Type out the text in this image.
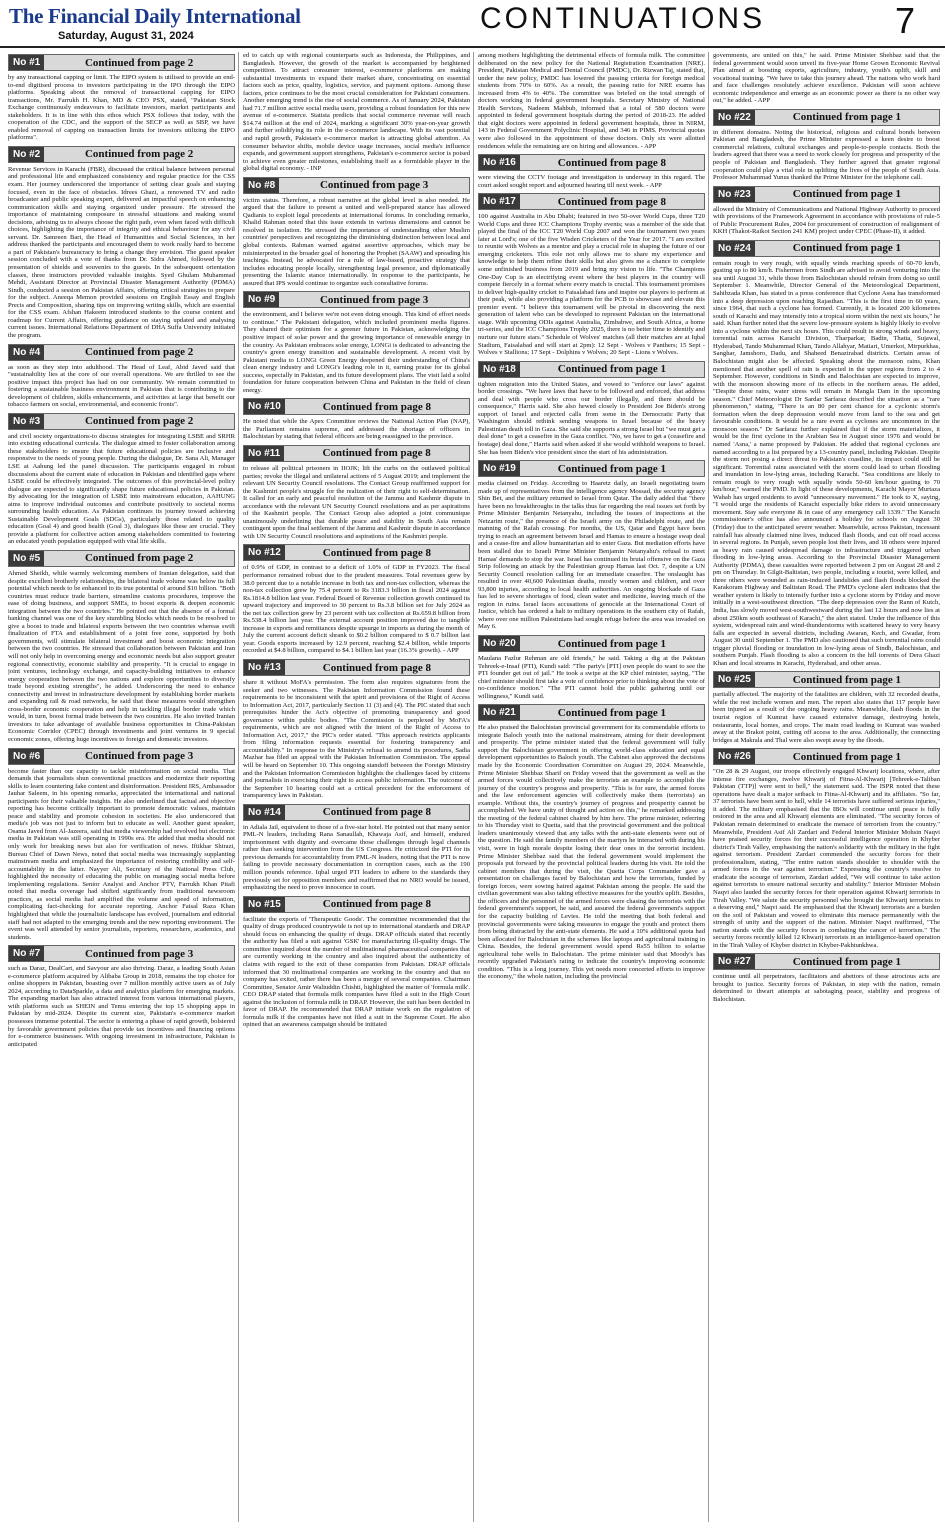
The Financial Daily International
Saturday, August 31, 2024
CONTINUATIONS	7
No #1	Continued from page 2
by any transactional capping or limit. The EIPO system is utilised to provide an end-to-end digitised process to investors participating in the IPO through the EIPO platforms. Speaking about the removal of transactional capping for EIPO transactions, Mr. Farrukh H. Khan, MD & CEO PSX, stated, "Pakistan Stock Exchange continuously endeavours to facilitate investors, market participants and stakeholders. It is in line with this ethos which PSX follows that today, with the cooperation of the CDC, and the support of the SECP as well as SBP, we have enabled removal of capping on transaction limits for investors utilizing the EIPO platforms".
No #2	Continued from page 2
Revenue Services in Karachi (FBR), discussed the critical balance between personal and professional life and emphasized consistency and regular practice for the CSS exam. Her journey underscored the importance of setting clear goals and staying focused, even in the face of obstacles. Idrees Ghazi, a renowned TV and radio broadcaster and public speaking expert, delivered an impactful speech on enhancing communication skills and staying organized under pressure. He stressed the importance of maintaining composure in stressful situations and making sound decisions, advising us to always choose the right path, even when faced with difficult choices, highlighting the importance of integrity and ethical behaviour for any civil servant. Dr. Samreen Bari, the Head of Humanities and Social Sciences, in her address thanked the participants and encouraged them to work really hard to become a part of Pakistan's bureaucracy to bring a change they envision. The guest speaker session concluded with a vote of thanks from Dr. Sidra Ahmed, followed by the presentation of shields and souvenirs to the guests. In the subsequent orientation classes, three instructors provided valuable insights. Syed Ghulam Muhammad Mehdi, Assistant Director at Provincial Disaster Management Authority (PDMA) Sindh, conducted a session on Pakistan Affairs, offering critical strategies to prepare for the subject. Aneeqa Memon provided sessions on English Essay and English Precis and Composition, sharing tips on improving writing skills, which are essential for the CSS exam. Afshan Hakeem introduced students to the course content and roadmap for Current Affairs, offering guidance on staying updated and analysing current issues. International Relations Department of DHA Suffa University initiated the program.
No #4	Continued from page 2
as soon as they step into adulthood. The Head of Leaf, Abid Javed said that "sustainability lies at the core of our overall operations. We are thrilled to see the positive impact this project has had on our community. We remain committed to fostering a sustainable business environment in Pakistan that is contributing to the development of children, skills enhancements, and activities at large that benefit our tobacco farmers on social, environmental, and economic fronts".
No #3	Continued from page 2
and civil society organizations-to discuss strategies for integrating LSBE and SRHR into existing educational curricula. The dialogue aimed to foster collaboration among these stakeholders to ensure that future educational policies are inclusive and responsive to the needs of young people. During the dialogue, Dr. Sana Ali, Manager LSE at Aahung led the panel discussion. The participants engaged in robust discussions about the current state of education in Pakistan and identified gaps where LSBE could be effectively integrated. The outcomes of this provincial-level policy dialogue are expected to significantly shape future educational policies in Pakistan. By advocating for the integration of LSBE into mainstream education, AAHUNG aims to improve individual outcomes and contribute positively to societal norms surrounding health education. As Pakistan continues its journey toward achieving Sustainable Development Goals (SDGs), particularly those related to quality education (Goal 4) and good health (Goal 3), dialogues like these are crucial. They provide a platform for collective action among stakeholders committed to fostering an educated youth population equipped with vital life skills.
No #5	Continued from page 2
Ahmed Sheikh, while warmly welcoming members of Iranian delegation, said that despite excellent brotherly relationships, the bilateral trade volume was below its full potential which needs to be enhanced to its true potential of around $10 billion. "Both countries must reduce trade barriers, streamline customs procedures, improve the ease of doing business, and support SMEs, to boost exports & deepen economic integration between the two countries." He pointed out that the absence of a formal banking channel was one of the key stumbling blocks which needs to be resolved to give a boost to trade and bilateral exports between the two countries whereas swift finalization of FTA and establishment of a joint free zone, supported by both governments, will stimulate bilateral investment and boost economic integration between the two countries. He stressed that collaboration between Pakistan and Iran will not only help in overcoming energy and economic needs but also support greater regional connectivity, economic stability and prosperity. "It is crucial to engage in joint ventures, technology exchange, and capacity-building initiatives to enhance energy cooperation between the two nations and explore opportunities to diversify trade beyond existing strengths", he added. Underscoring the need to enhance connectivity and invest in infrastructure development by establishing border markets and expanding rail & road networks, he said that these measures would strengthen cross-border economic cooperation and help in tackling illegal border trade which would, in turn, boost formal trade between the two countries. He also invited Iranian investors to take advantage of available business opportunities in China-Pakistan Economic Corridor (CPEC) through investments and joint ventures in 9 special economic zones, offering huge incentives to foreign and domestic investors.
No #6	Continued from page 3
become faster than our capacity to tackle misinformation on social media. That demands that journalists shun conventional practices and modernize their reporting skills to learn countering fake content and disinformation. President IRS, Ambassador Jauhar Saleem, in his opening remarks, appreciated the international and national participants for their valuable insights. He also underlined that factual and objective reporting has become critically important to promote democratic values, maintain peace and stability and promote cohesion in societies. He also underscored that media's job was not just to inform but to educate as well. Another guest speaker, Osama Javed from Al-Jazeera, said that media viewership had revolved but electronic media in Pakistan was still operating in 1990s era. He added that media should not only work for breaking news but also for verification of news. Iftikhar Shirazi, Bureau Chief of Dawn News, noted that social media was increasingly supplanting mainstream media and emphasized the importance of restoring credibility and self-accountability in the latter. Nayyer Ali, Secretary of the National Press Club, highlighted the necessity of educating the public on managing social media before implementing regulations. Senior Analyst and Anchor PTV, Farrukh Khan Pitafi noted that media coverage had shifted significantly from traditional newsroom practices, as social media had amplified the volume and speed of information, complicating fact-checking for accurate reporting. Anchor Faisal Raza Khan highlighted that while the journalistic landscape has evolved, journalism and editorial staff had not adapted to the emerging trends and the new reporting environment. The event was well attended by senior journalists, reporters, researchers, academics, and students.
No #7	Continued from page 3
such as Daraz, DealCart, and Savyour are also thriving. Daraz, a leading South Asian e-commerce platform acquired by Alibaba Group in 2018, remains the top choice for online shoppers in Pakistan, boasting over 7 million monthly active users as of July 2024, according to DataSparkle, a data and analytics platform for emerging markets. The expanding market has also attracted interest from various international players, with platforms such as SHEIN and Temu entering the top 15 shopping apps in Pakistan by mid-2024. Despite its current size, Pakistan's e-commerce market possesses immense potential. The sector is entering a phase of rapid growth, bolstered by favorable government policies that provide tax incentives and financing options for e-commerce businesses. With ongoing investment in infrastructure, Pakistan is anticipated
ed to catch up with regional counterparts such as Indonesia, the Philippines, and Bangladesh. However, the growth of the market is accompanied by heightened competition. To attract consumer interest, e-commerce platforms are making substantial investments to expand their market share, concentrating on essential factors such as price, quality, logistics, service, and payment options. Among these factors, price continues to be the most crucial consideration for Pakistani consumers. Another emerging trend is the rise of social commerce. As of January 2024, Pakistan had 71.7 million active social media users, providing a robust foundation for this new avenue of e-commerce. Statista predicts that social commerce revenue will reach $14.74 million at the end of 2024, marking a significant 30% year-on-year growth and further solidifying its role in the e-commerce landscape. With its vast potential and rapid growth, Pakistan's e-commerce market is attracting global attention. As consumer behavior shifts, mobile device usage increases, social media's influence expands, and government support strengthens, Pakistan's e-commerce sector is poised to achieve even greater milestones, establishing itself as a formidable player in the global digital economy. - INP
No #8	Continued from page 3
victim status. Therefore, a robust narrative at the global level is also needed. He argued that the failure to present a united and well-prepared stance has allowed Qadianis to exploit legal precedents at international forums. In concluding remarks, Khalid Rahman noted that this issue extends in various dimensions and cannot be resolved in isolation. He stressed the importance of understanding other Muslim countries' perspectives and recognizing the diminishing distinction between local and global contexts. Rahman warned against assertive approaches, which may be misinterpreted in the broader goal of honoring the Prophet (SAAW) and spreading his teachings. Instead, he advocated for a rule of law-based, proactive strategy that includes educating people locally, strengthening legal presence, and diplomatically presenting the Islamic stance internationally. In response to the participants, he assured that IPS would continue to organize such consultative forums.
No #9	Continued from page 3
the environment, and I believe we're not even doing enough. This kind of effort needs to continue." The Pakistani delegation, which included prominent media figures. They shared their optimism for a greener future in Pakistan, acknowledging the positive impact of solar power and the growing importance of renewable energy in the country. As Pakistan embraces solar energy, LONGi is dedicated to advancing the country's green energy transition and sustainable development. A recent visit by Pakistani media to LONGi Green Energy deepened their understanding of China's clean energy industry and LONGi's leading role in it, earning praise for its global success, especially in Pakistan, and its future development plans. The visit laid a solid foundation for future cooperation between China and Pakistan in the field of clean energy.
No #10	Continued from page 8
He noted that while the Apex Committee reviews the National Action Plan (NAP), the Parliament remains supreme, and addressed the shortage of officers in Balochistan by stating that federal officers are being reassigned to the province.
No #11	Continued from page 8
to release all political prisoners in IIOJK; lift the curbs on the outlawed political parties; revoke the illegal and unilateral actions of 5 August 2019; and implement the relevant UN Security Council resolutions. The Contact Group reaffirmed support for the Kashmiri people's struggle for the realization of their right to self-determination. It called for an early and peaceful resolution of the Jammu and Kashmir dispute in accordance with the relevant UN Security Council resolutions and as per aspirations of the Kashmiri people. The Contact Group also adopted a joint communique unanimously underlining that durable peace and stability in South Asia remain contingent upon the final settlement of the Jammu and Kashmir dispute in accordance with UN Security Council resolutions and aspirations of the Kashmiri people.
No #12	Continued from page 8
of 0.9% of GDP, in contrast to a deficit of 1.0% of GDP in FY2023. The fiscal performance remained robust due to the prudent measures. Total revenues grew by 38.0 percent due to a notable increase in both tax and non-tax collection, whereas the non-tax collection grew by 75.4 percent to Rs 3183.3 billion in fiscal 2024 against Rs.1814.8 billion last year. Federal Board of Revenue collection growth continued its upward trajectory and improved to 30 percent to Rs.3.8 billion set for July 2024 as the net tax collection grew by 23 percent with tax collection at Rs.659.8 billion from Rs.538.4 billion last year. The external account position improved due to tangible increase in exports and remittances despite upsurge in imports as during the month of July the current account deficit shrank to $0.2 billion compared to $ 0.7 billion last year. Goods exports increased by 12.9 percent, reaching $2.4 billion, while imports recorded at $4.8 billion, compared to $4.1 billion last year (16.3% growth). - APP
No #13	Continued from page 8
share it without MoFA's permission. The form also requires signatures from the seeker and two witnesses. The Pakistan Information Commission found these requirements to be inconsistent with the spirit and provisions of the Right of Access to Information Act, 2017, particularly Section 11 (3) and (4). The PIC stated that such prerequisites hinder the Act's objective of promoting transparency and good governance within public bodies. "The Commission is perplexed by MoFA's requirements, which are not aligned with the intent of the Right of Access to Information Act, 2017," the PIC's order stated. "This approach restricts applicants from filing information requests essential for fostering transparency and accountability." In response to the Ministry's refusal to amend its procedures, Sadia Mazhar has filed an appeal with the Pakistan Information Commission. The appeal will be heard on September 10. This ongoing standoff between the Foreign Ministry and the Pakistan Information Commission highlights the challenges faced by citizens and journalists in exercising their right to access public information. The outcome of the September 10 hearing could set a critical precedent for the enforcement of transparency laws in Pakistan.
No #14	Continued from page 8
in Adiala Jail, equivalent to those of a five-star hotel. He pointed out that many senior PML-N leaders, including Rana Sanaullah, Khawaja Asif, and himself, endured imprisonment with dignity and overcame those challenges through legal channels rather than seeking intervention from the US Congress. He criticized the PTI for its previous demands for accountability from PML-N leaders, noting that the PTI is now failing to provide necessary documentation in corruption cases, such as the 190 million pounds reference. Iqbal urged PTI leaders to adhere to the standards they previously set for opposition members and reaffirmed that no NRO would be issued, emphasizing the need to prove innocence in court.
No #15	Continued from page 8
facilitate the exports of 'Therapeutic Goods'. The committee recommended that the quality of drugs produced countrywide is not up to international standards and DRAP should focus on enhancing the quality of drugs. DRAP officials stated that recently the authority has filed a suit against 'GSK' for manufacturing ill-quality drugs. The committee inquired about the number of multinational pharmaceutical companies that are currently working in the country and also inquired about the authenticity of claims with regard to the exit of these companies from Pakistan. DRAP officials informed that 30 multinational companies are working in the country and that no company has exited, rather there has been a merger of several companies. Chairman Committee, Senator Amir Waliuddin Chishti, highlighted the matter of 'formula milk'. CEO DRAP stated that formula milk companies have filed a suit in the High Court against the inclusion of formula milk in DRAP. However, the suit has been decided in favor of DRAP. He recommended that DRAP initiate work on the regulation of formula milk if the companies have not filed a suit in the Supreme Court. He also opined that an awareness campaign should be initiated
among mothers highlighting the detrimental effects of formula milk. The committee deliberated on the new policy for the National Registration Examination (NRE). President, Pakistan Medical and Dental Council (PMDC), Dr. Rizwan Taj, stated that, under the new policy, PMDC has lowered the passing criteria for foreign medical students from 70% to 60%. As a result, the passing ratio for NRE exams has increased from 4% to 40%. The committee was briefed on the total strength of doctors working in federal government hospitals. Secretary Ministry of National Health Services, Nadeem Mahbub, informed that a total of 580 doctors were appointed in federal government hospitals during the period of 2018-23. He added that eight doctors were appointed in federal government hospitals, three in NIRM, 143 in Federal Government Polyclinic Hospital, and 346 in PIMS. Provincial quotas were also followed in the appointment of these doctors. Only six were allotted residences while the remaining are on hiring and allowances. - APP
No #16	Continued from page 8
were viewing the CCTV footage and investigation is underway in this regard. The court asked sought report and adjourned hearing till next week. - APP
No #17	Continued from page 8
100 against Australia in Abu Dhabi; featured in two 50-over World Cups, three T20 World Cups and three ICC Champions Trophy events; was a member of the side that played the final of the ICC T20 World Cup 2007 and won the tournament two years later at Lord's; one of the five Wisden Cricketers of the Year for 2017. "I am excited to reunite with Wolves as a mentor and play a crucial role in shaping the future of our emerging cricketers. This role not only allows me to share my experience and knowledge to help them refine their skills but also gives me a chance to complete some unfinished business from 2019 and bring my vision to life. "The Champions One-Day Cup is an electrifying event where the best players in the country will compete fiercely in a format where every match is crucial. This tournament promises to deliver high-quality cricket to Faisalabad fans and inspire our players to perform at their peak, while also providing a platform for the PCB to showcase and elevate this premier event. "I believe this tournament will be pivotal in discovering the next generation of talent who can be developed to represent Pakistan on the international stage. With upcoming ODIs against Australia, Zimbabwe, and South Africa, a home tri-series, and the ICC Champions Trophy 2025, there is no better time to identify and nurture our future stars." Schedule of Wolves' matches (all their matches are at Iqbal Stadium, Faisalabad and will start at 2pm): 12 Sept - Wolves v Panthers; 15 Sept - Wolves v Stallions; 17 Sept - Dolphins v Wolves; 20 Sept - Lions v Wolves.
No #18	Continued from page 1
tighten migration into the United States, and vowed to "enforce our laws" against border crossings. "We have laws that have to be followed and enforced, that address and deal with people who cross our border illegally, and there should be consequence," Harris said. She also hewed closely to President Joe Biden's strong support of Israel and rejected calls from some in the Democratic Party that Washington should rethink sending weapons to Israel because of the heavy Palestinian death toll in Gaza. She said she supports a strong Israel but "we must get a deal done" to get a ceasefire in the Gaza conflict. "No, we have to get a (ceasefire and hostage) deal done," Harris said when asked if she would withhold weapons to Israel. She has been Biden's vice president since the start of his administration.
No #19	Continued from page 1
media claimed on Friday. According to Haaretz daily, an Israeli negotiating team made up of representatives from the intelligence agency Mossad, the security agency Shin Bet, and the military returned to Israel from Qatar. The daily added that "there have been no breakthroughs in the talks thus far regarding the real issues set forth by Prime Minister Benjamin Netanyahu, including the issues of inspections at the Netzarim route," the presence of the Israeli army on the Philadelphi route, and the manning of the Rafah crossing. For months, the US, Qatar and Egypt have been trying to reach an agreement between Israel and Hamas to ensure a hostage swap deal and a cease-fire and allow humanitarian aid to enter Gaza. But mediation efforts have been stalled due to Israeli Prime Minister Benjamin Netanyahu's refusal to meet Hamas' demands to stop the war. Israel has continued its brutal offensive on the Gaza Strip following an attack by the Palestinian group Hamas last Oct. 7, despite a UN Security Council resolution calling for an immediate ceasefire. The onslaught has resulted in over 40,600 Palestinian deaths, mostly women and children, and over 93,800 injuries, according to local health authorities. An ongoing blockade of Gaza has led to severe shortages of food, clean water and medicine, leaving much of the region in ruins. Israel faces accusations of genocide at the International Court of Justice, which has ordered a halt to military operations in the southern city of Rafah, where over one million Palestinians had sought refuge before the area was invaded on May 6.
No #20	Continued from page 1
Maulana Fazlur Rehman are old friends," he said. Taking a dig at the Pakistan Tehreek-e-Insaf (PTI), Kundi said: "The party's [PTI] own people do want to see the PTI founder get out of jail." He took a swipe at the KP chief minister, saying, "The chief minister should first take a vote of confidence prior to thinking about the vote of no-confidence motion." "The PTI cannot hold the public gathering until our willingness," Kundi said.
No #21	Continued from page 1
He also praised the Balochistan provincial government for its commendable efforts to integrate Baloch youth into the national mainstream, aiming for their development and prosperity. The prime minister stated that the federal government will fully support the Balochistan government in offering world-class education and equal development opportunities to Baloch youth. The Cabinet also approved the decisions made by the Economic Coordination Committee on August 29, 2024. Meanwhile, Prime Minister Shehbaz Sharif on Friday vowed that the government as well as the armed forces would collectively make the terrorists an example to accomplish the journey of the country's progress and prosperity. "This is for sure, the armed forces and the law enforcement agencies will collectively make them (terrorists) an example. Without this, the country's journey of progress and prosperity cannot be accomplished. We have unity of thought and action on this," he remarked addressing the meeting of the federal cabinet chaired by him here. The prime minister, referring to his Thursday visit to Quetta, said that the provincial government and the political leaders unanimously viewed that any talks with the anti-state elements were out of the question. He said the family members of the martyrs he interacted with during his visit, were in high morale despite losing their dear ones in the terrorist incident. Prime Minister Shehbaz said that the federal government would implement the proposals put forward by the provincial political leaders during his visit. He told the cabinet members that during the visit, the Quetta Corps Commander gave a presentation on challenges faced by Balochistan and how the terrorists, funded by foreign forces, were sowing hatred against Pakistan among the people. He said the civilian government was also taking effective measures for the youth's uplift. Besides, the officers and the personnel of the armed forces were chasing the terrorists with the federal government's support, he said, and assured the federal government's support for the capacity building of Levies. He told the meeting that both federal and provincial governments were taking measures to engage the youth and protect them from being distracted by the anti-state elements. He said a 10% additional quota had been allocated for Balochistan in the schemes like laptops and agricultural training in China. Besides, the federal government would spend Rs55 billion to solarise agricultural tube wells in Balochistan. The prime minister said that Moody's has recently upgraded Pakistan's rating to indicate the country's improving economic condition. "This is a long journey. This yet needs more concerted efforts to improve the economy," the whole nation, including the provincial
governments, are united on this," he said. Prime Minister Shehbaz said that the federal government would soon unveil its five-year Home Grown Economic Revival Plan aimed at boosting exports, agriculture, industry, youth's uplift, skill and vocational training. "We have to take this journey ahead. The nations who work hard and face challenges resolutely achieve excellence. Pakistan will soon achieve economic independence and emerge as an economic power as there is no other way out," he added. - APP
No #22	Continued from page 1
in different domains. Noting the historical, religious and cultural bonds between Pakistan and Bangladesh, the Prime Minister expressed a keen desire to boost commercial relations, cultural exchanges and people-to-people contacts. Both the leaders agreed that there was a need to work closely for progress and prosperity of the people of Pakistan and Bangladesh. They further agreed that greater regional cooperation could play a vital role in uplifting the lives of the people of South Asia. Professor Muhammad Yunus thanked the Prime Minister for the telephone call.
No #23	Continued from page 1
allowed the Ministry of Communications and National Highway Authority to proceed with provisions of the Framework Agreement in accordance with provisions of rule-5 of Public Procurement Rules, 2004 for procurement of construction of realignment of KKH (Thakot-Raikot Section 241 KM) project under CPEC (Phase-II), it added.
No #24	Continued from page 1
remain rough to very rough, with squally winds reaching speeds of 60-70 km/h, gusting up to 80 km/h. Fishermen from Sindh are advised to avoid venturing into the sea until August 31, while those from Balochistan should refrain from doing so until September 1. Meanwhile, Director General of the Meteorological Department, Sahibzada Khan, has stated in a press conference that Cyclone Asna has transformed into a deep depression upon reaching Rajasthan. "This is the first time in 60 years, since 1964, that such a cyclone has formed. Currently, it is located 200 kilometres south of Karachi and may intensify into a tropical storm within the next six hours," he said. Khan further noted that the severe low-pressure system is highly likely to evolve into a cyclone within the next six hours. This could result in strong winds and heavy, torrential rain across Karachi Division, Tharparkar, Badin, Thatta, Sujawal, Hyderabad, Tando Muhammad Khan, Tando Allahyar, Matiari, Umerkot, Mirpurkhas, Sanghar, Jamshoro, Dadu, and Shaheed Benazirabad districts. Certain areas of Balochistan might also be affected. Speaking about the monsoon rains, Khan mentioned that another spell of rain is expected in the upper regions from 2 to 4 September. However, conditions in Sindh and Balochistan are expected to improve, with the monsoon showing more of its effects in the northern areas. He added, "Despite these rains, water stress will remain in Mangla Dam in the upcoming season." Chief Meteorologist Dr Sardar Sarfaraz described the situation as a "rare phenomenon," stating, "There is an 80 per cent chance for a cyclonic storm's formation when the deep depression would move from land to the sea and get favourable conditions. It would be a rare event as cyclones are uncommon in the monsoon season." Dr Sarfaraz further explained that if the storm materializes, it would be the first cyclone in the Arabian Sea in August since 1976 and would be named 'Asna,' a name proposed by Pakistan. He added that regional cyclones are named according to a list prepared by a 13-country panel, including Pakistan. Despite the storm not posing a direct threat to Pakistan's coastline, its impact could still be significant. Torrential rains associated with the storm could lead to urban flooding and inundation in low-lying areas, including Karachi. "Sea conditions are likely to remain rough to very rough with squally winds 50-60 km/hour gusting to 70 km/hour," warned the PMD. In light of these developments, Karachi Mayor Murtaza Wahab has urged residents to avoid "unnecessary movement." He took to X, saying, "I would urge the residents of Karachi especially bike riders to avoid unnecessary movement. Stay safe everyone & in case of any emergency call 1339." The Karachi commissioner's office has also announced a holiday for schools on August 30 (Friday) due to the anticipated severe weather. Meanwhile, across Pakistan, incessant rainfall has already claimed nine lives, induced flash floods, and cut off road access in several regions. In Punjab, seven people lost their lives, and 18 others were injured as heavy rain caused widespread damage to infrastructure and triggered urban flooding in low-lying areas. According to the Provincial Disaster Management Authority (PDMA), these casualties were reported between 2 pm on August 28 and 2 pm on Thursday. In Gilgit-Baltistan, two people, including a tourist, were killed, and three others were wounded as rain-induced landslides and flash floods blocked the Karakoram Highway and Baltistan Road. The PMD's cyclone alert indicates that the weather system is likely to intensify further into a cyclone storm by Friday and move initially in a west-southwest direction. "The deep depression over the Rann of Kutch, India, has slowly moved west-southwestward during the last 12 hours and now lies at about 250km south southeast of Karachi," the alert stated. Under the influence of this system, widespread rain and wind-thunderstorms with scattered heavy to very heavy falls are expected in several districts, including Awaran, Kech, and Gwadar, from August 30 until September 1. The PMD also cautioned that such torrential rains could trigger pluvial flooding or inundation in low-lying areas of Sindh, Balochistan, and southern Punjab. Flash flooding is also a concern in the hill torrents of Dera Ghazi Khan and local streams in Karachi, Hyderabad, and other areas.
No #25	Continued from page 1
partially affected. The majority of the fatalities are children, with 32 recorded deaths, while the rest include women and men. The report also states that 117 people have been injured as a result of the ongoing heavy rains. Meanwhile, flash floods in the tourist region of Kumrat have caused extensive damage, destroying hotels, restaurants, local homes, and crops. The main road leading to Kumrat was washed away at the Brakot point, cutting off access to the area. Additionally, the connecting bridges at Makrala and Thal were also swept away by the floods.
No #26	Continued from page 1
"On 28 & 29 August, our troops effectively engaged Khwarij locations, where, after intense fire exchanges, twelve Khwarij of Fitna-Al-Khwarij [Tehreek-e-Taliban Pakistan (TTP)] were sent to hell," the statement said. The ISPR noted that these operations have dealt a major setback to Fitna-Al-Khwarij and its affiliates. "So far, 37 terrorists have been sent to hell, while 14 terrorists have suffered serious injuries," it added. The military emphasised that the IBOs will continue until peace is fully restored in the area and all Khwarij elements are eliminated. "The security forces of Pakistan remain determined to eradicate the menace of terrorism from the country." Meanwhile, President Asif Ali Zardari and Federal Interior Minister Mohsin Naqvi have praised security forces for their successful intelligence operation in Khyber district's Tirah Valley, emphasising the nation's solidarity with the military in the fight against terrorism. President Zardari commended the security forces for their professionalism, stating, "The entire nation stands shoulder to shoulder with the armed forces in the war against terrorism." Expressing the country's resolve to eradicate the scourge of terrorism, Zardari added, "We will continue to take action against terrorists to ensure national security and stability." Interior Minister Mohsin Naqvi also lauded the security forces for their operation against Khwarij terrorists in Tirah Valley. "We salute the security personnel who brought the Khwarij terrorists to a deserving end," Naqvi said. He emphasised that the Khwarij terrorists are a burden on the soil of Pakistan and vowed to eliminate this menace permanently with the strength of unity and the support of the nation. Minister Naqvi reaffirmed, "The nation stands with the security forces in combating the cancer of terrorism." The security forces recently killed 12 Khwarij terrorists in an intelligence-based operation in the Tirah Valley of Khyber district in Khyber-Pakhtunkhwa.
No #27	Continued from page 1
continue until all perpetrators, facilitators and abettors of these atrocious acts are brought to justice. Security forces of Pakistan, in step with the nation, remain determined to thwart attempts at sabotaging peace, stability and progress of Balochistan.
